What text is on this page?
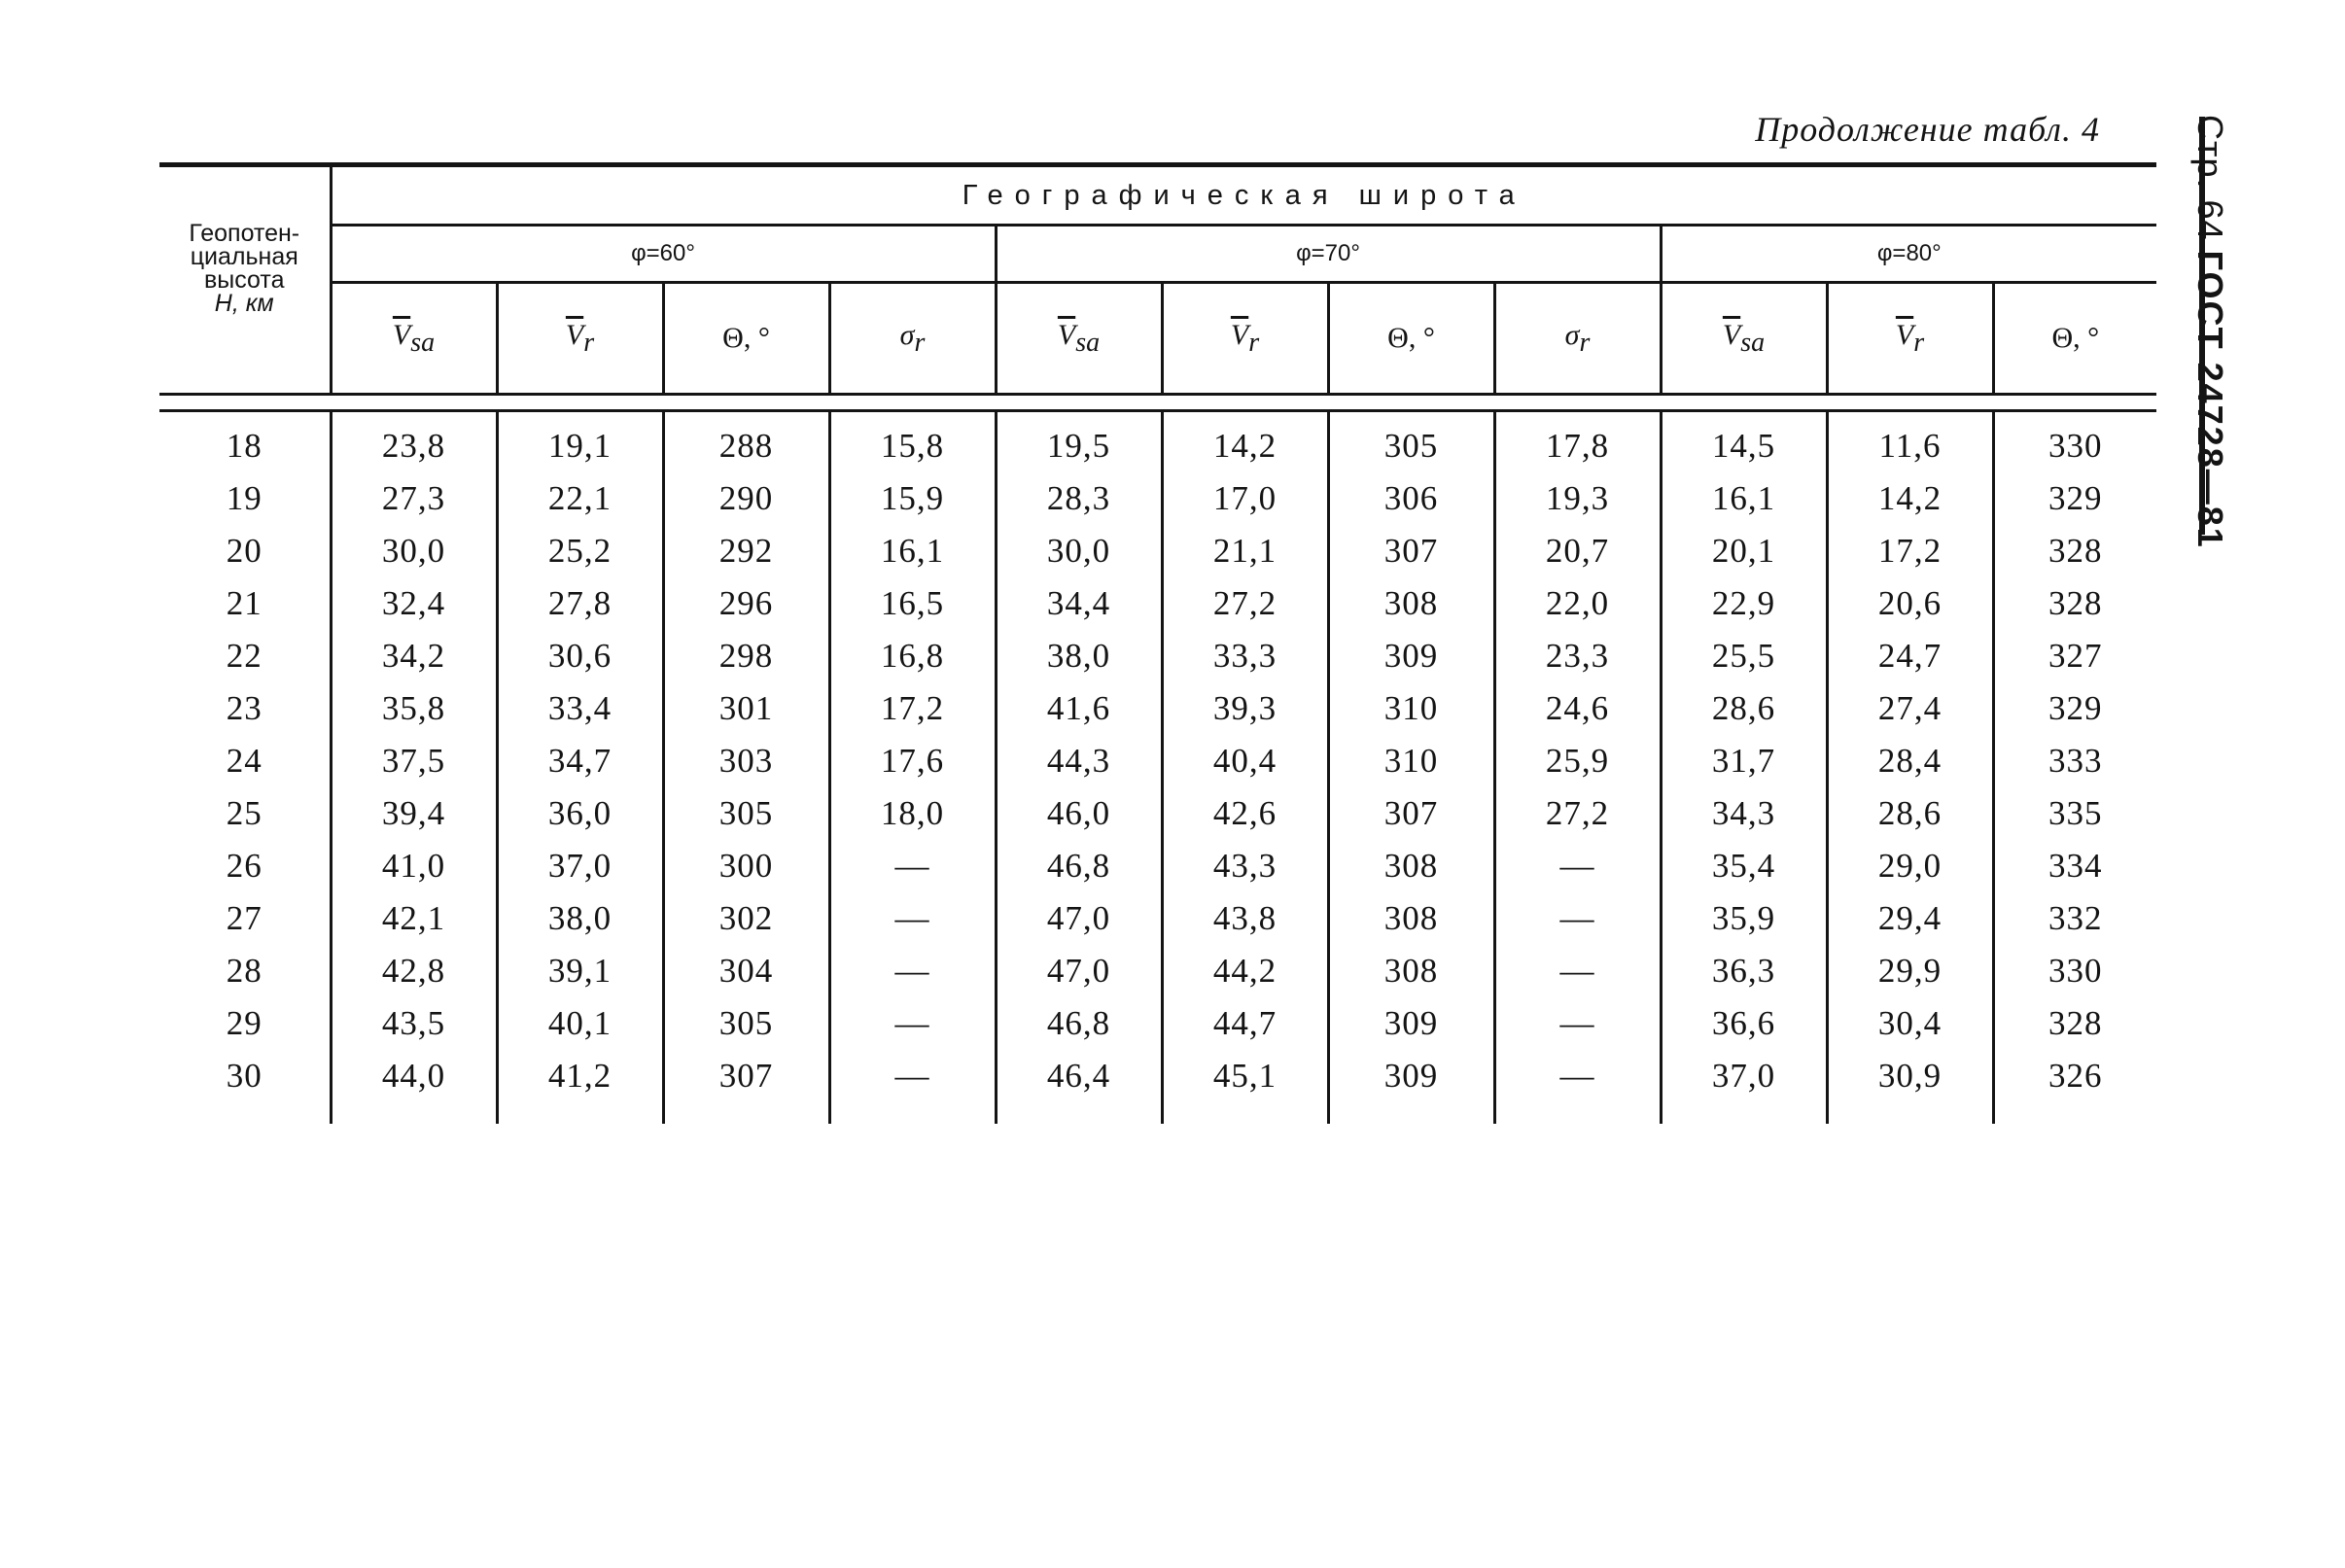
Продолжение табл. 4	Стр. 64 ГОСТ 24728—81
Геопотен-
циальная
высота
H, км	Географическая широта										
	φ=60°				φ=70°				φ=80°		
	$\overline{V}_{sa}$	$\overline{V}_r$	Θ, °	$\sigma_r$	$\overline{V}_{sa}$	$\overline{V}_r$	Θ, °	$\sigma_r$	$\overline{V}_{sa}$	$\overline{V}_r$	Θ, °

18	23,8	19,1	288	15,8	19,5	14,2	305	17,8	14,5	11,6	330
19	27,3	22,1	290	15,9	28,3	17,0	306	19,3	16,1	14,2	329
20	30,0	25,2	292	16,1	30,0	21,1	307	20,7	20,1	17,2	328
21	32,4	27,8	296	16,5	34,4	27,2	308	22,0	22,9	20,6	328
22	34,2	30,6	298	16,8	38,0	33,3	309	23,3	25,5	24,7	327
23	35,8	33,4	301	17,2	41,6	39,3	310	24,6	28,6	27,4	329
24	37,5	34,7	303	17,6	44,3	40,4	310	25,9	31,7	28,4	333
25	39,4	36,0	305	18,0	46,0	42,6	307	27,2	34,3	28,6	335
26	41,0	37,0	300	—	46,8	43,3	308	—	35,4	29,0	334
27	42,1	38,0	302	—	47,0	43,8	308	—	35,9	29,4	332
28	42,8	39,1	304	—	47,0	44,2	308	—	36,3	29,9	330
29	43,5	40,1	305	—	46,8	44,7	309	—	36,6	30,4	328
30	44,0	41,2	307	—	46,4	45,1	309	—	37,0	30,9	326
